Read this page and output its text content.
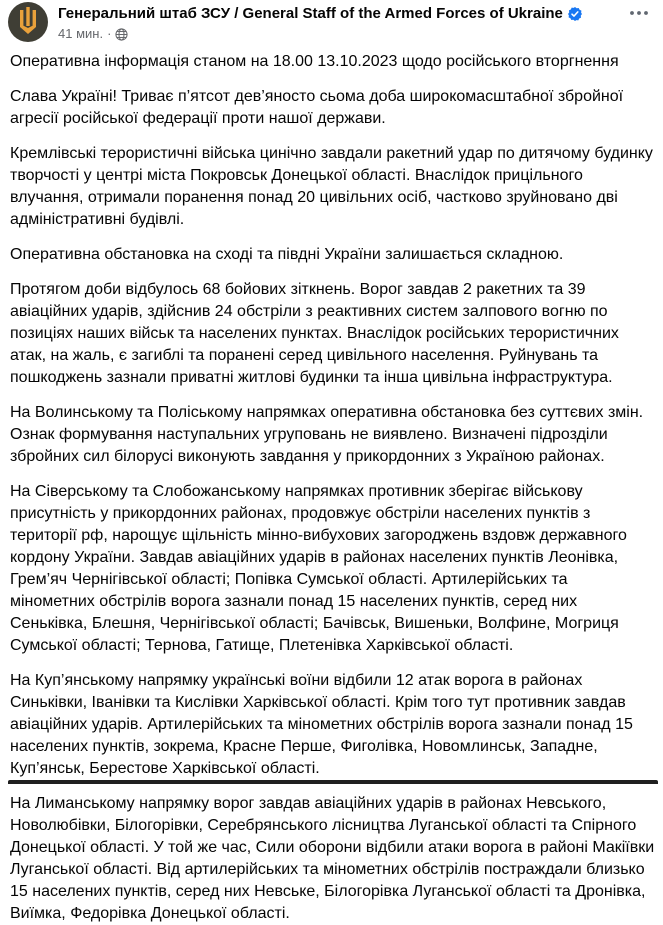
Генеральний штаб ЗСУ / General Staff of the Armed Forces of Ukraine
41 мин. ·

Оперативна інформація станом на 18.00 13.10.2023 щодо російського вторгнення

Слава Україні! Триває п’ятсот дев’яносто сьома доба широкомасштабної збройної агресії російської федерації проти нашої держави.

Кремлівські терористичні війська цинічно завдали ракетний удар по дитячому будинку творчості у центрі міста Покровськ Донецької області. Внаслідок прицільного влучання, отримали поранення понад 20 цивільних осіб, частково зруйновано дві адміністративні будівлі.

Оперативна обстановка на сході та півдні України залишається складною.

Протягом доби відбулось 68 бойових зіткнень. Ворог завдав 2 ракетних та 39 авіаційних ударів, здійснив 24 обстріли з реактивних систем залпового вогню по позиціях наших військ та населених пунктах. Внаслідок російських терористичних атак, на жаль, є загиблі та поранені серед цивільного населення. Руйнувань та пошкоджень зазнали приватні житлові будинки та інша цивільна інфраструктура.

На Волинському та Поліському напрямках оперативна обстановка без суттєвих змін. Ознак формування наступальних угруповань не виявлено. Визначені підрозділи збройних сил білорусі виконують завдання у прикордонних з Україною районах.

На Сіверському та Слобожанському напрямках противник зберігає військову присутність у прикордонних районах, продовжує обстріли населених пунктів з території рф, нарощує щільність мінно-вибухових загороджень вздовж державного кордону України. Завдав авіаційних ударів в районах населених пунктів Леонівка, Грем’яч Чернігівської області; Попівка Сумської області. Артилерійських та мінометних обстрілів ворога зазнали понад 15 населених пунктів, серед них Сеньківка, Блешня, Чернігівської області; Бачівськ, Вишеньки, Волфине, Могриця Сумської області; Тернова, Гатище, Плетенівка Харківської області.

На Куп’янському напрямку українські воїни відбили 12 атак ворога в районах Синьківки, Іванівки та Кислівки Харківської області. Крім того тут противник завдав авіаційних ударів. Артилерійських та мінометних обстрілів ворога зазнали понад 15 населених пунктів, зокрема, Красне Перше, Фиголівка, Новомлинськ, Западне, Куп’янськ, Берестове Харківської області.

На Лиманському напрямку ворог завдав авіаційних ударів в районах Невського, Новолюбівки, Білогорівки, Серебрянського лісництва Луганської області та Спірного Донецької області. У той же час, Сили оборони відбили атаки ворога в районі Макіївки Луганської області. Від артилерійських та мінометних обстрілів постраждали близько 15 населених пунктів, серед них Невське, Білогорівка Луганської області та Дронівка, Виїмка, Федорівка Донецької області.
